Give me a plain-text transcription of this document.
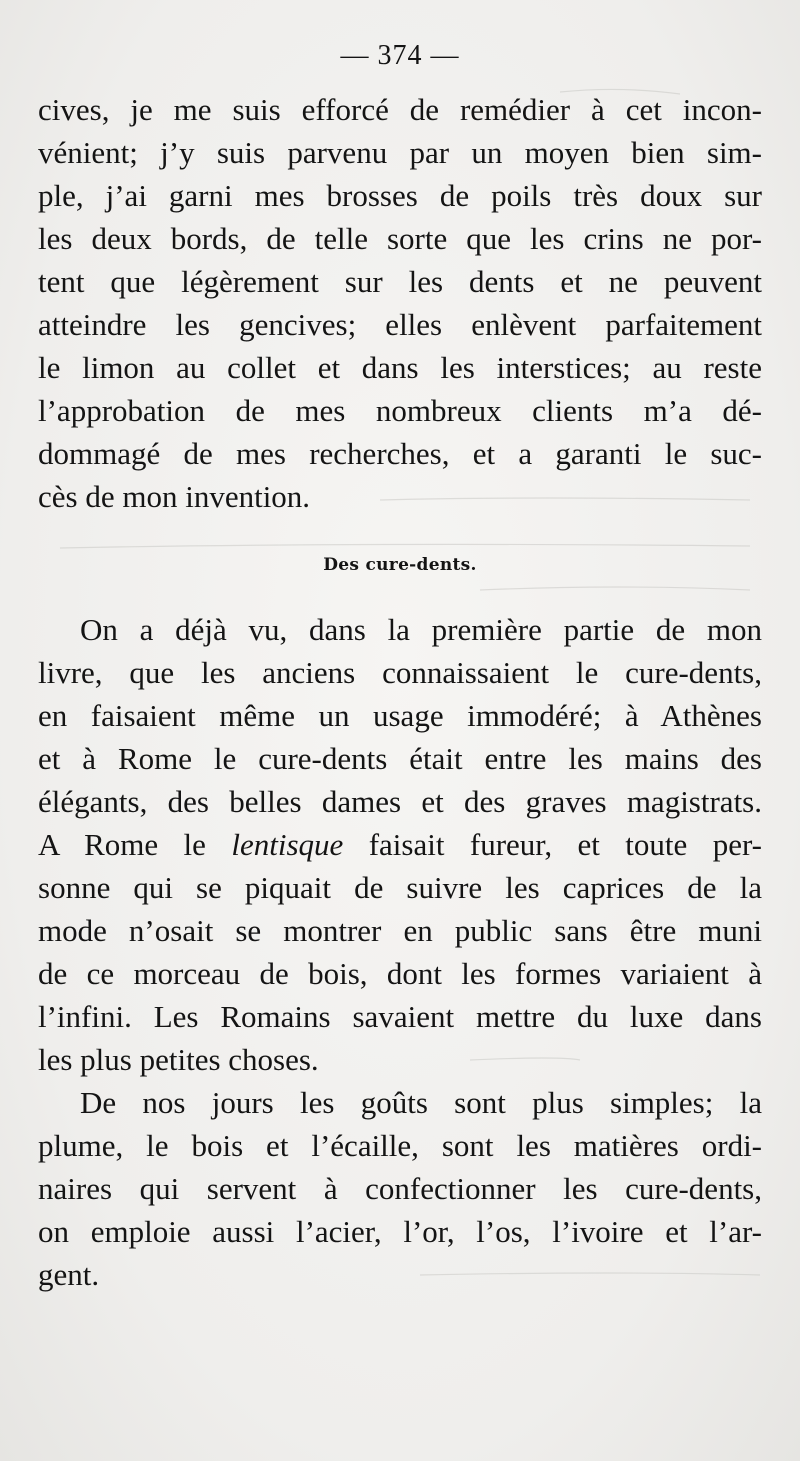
— 374 —
cives, je me suis efforcé de remédier à cet incon-
vénient; j’y suis parvenu par un moyen bien sim-
ple, j’ai garni mes brosses de poils très doux sur
les deux bords, de telle sorte que les crins ne por-
tent que légèrement sur les dents et ne peuvent
atteindre les gencives; elles enlèvent parfaitement
le limon au collet et dans les interstices; au reste
l’approbation de mes nombreux clients m’a dé-
dommagé de mes recherches, et a garanti le suc-
cès de mon invention.
Des cure-dents.
On a déjà vu, dans la première partie de mon
livre, que les anciens connaissaient le cure-dents,
en faisaient même un usage immodéré; à Athènes
et à Rome le cure-dents était entre les mains des
élégants, des belles dames et des graves magistrats.
A Rome le lentisque faisait fureur, et toute per-
sonne qui se piquait de suivre les caprices de la
mode n’osait se montrer en public sans être muni
de ce morceau de bois, dont les formes variaient à
l’infini. Les Romains savaient mettre du luxe dans
les plus petites choses.
De nos jours les goûts sont plus simples; la
plume, le bois et l’écaille, sont les matières ordi-
naires qui servent à confectionner les cure-dents,
on emploie aussi l’acier, l’or, l’os, l’ivoire et l’ar-
gent.
